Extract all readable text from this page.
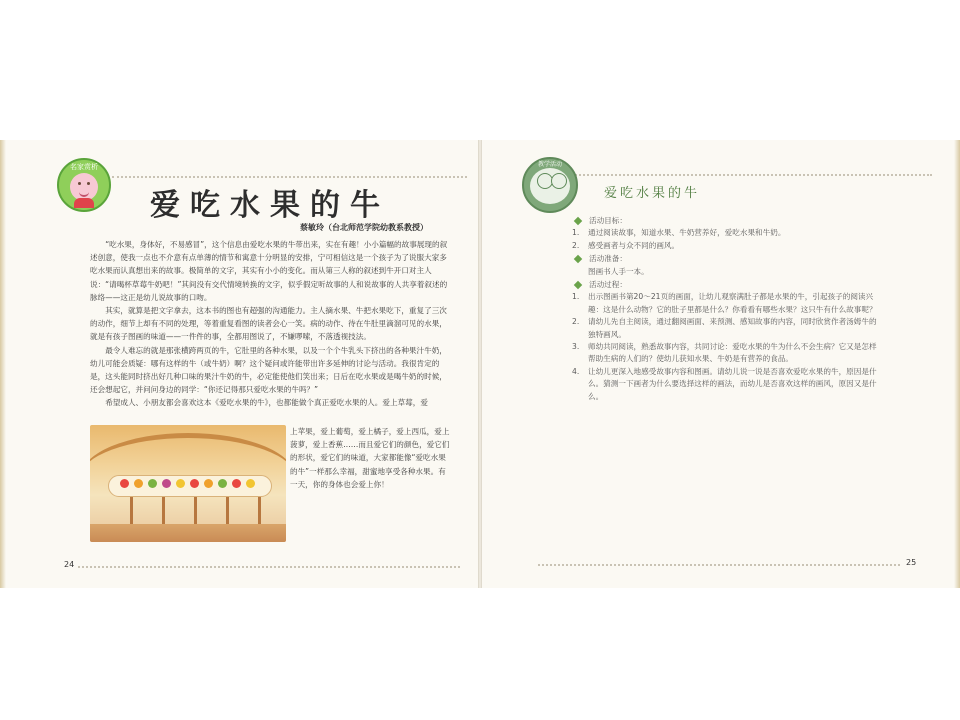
名家赏析
爱吃水果的牛
蔡敏玲（台北师范学院幼教系教授）

“吃水果，身体好，不易感冒”，这个信息由爱吃水果的牛带出来，实在有趣！小小篇幅的故事展现的叙述创意，使我一点也不介意有点单薄的情节和寓意十分明显的安排，宁可相信这是一个孩子为了说服大家多吃水果而认真想出来的故事。极简单的文字，其实有小小的变化。而从第三人称的叙述到牛开口对主人说：“请喝杯草莓牛奶吧！”其间没有交代情境转换的文字，似乎假定听故事的人和说故事的人共享着叙述的脉络——这正是幼儿说故事的口吻。

其实，就算是把文字拿去，这本书的图也有超强的沟通能力。主人摘水果、牛把水果吃下，重复了三次的动作，细节上却有不同的处理，等着重复看图的读者会心一笑。病的动作、待在牛肚里滴溜可见的水果，就是有孩子图画的味道——一件件的事，全都用图说了，不嫌啰嗦，不落透视技法。

最令人难忘的就是那张横跨两页的牛，它肚里的各种水果，以及一个个牛乳头下挤出的各种果汁牛奶，幼儿可能会质疑：哪有这样的牛（或牛奶）啊？这个疑问或许能带出许多延伸的讨论与活动。我很肯定的是，这头能同时挤出好几种口味的果汁牛奶的牛，必定能使他们笑出来；日后在吃水果或是喝牛奶的时候，还会想起它，并问问身边的同学：“你还记得那只爱吃水果的牛吗？”

希望成人、小朋友都会喜欢这本《爱吃水果的牛》，也都能做个真正爱吃水果的人。爱上草莓，爱

上苹果，爱上葡萄，爱上橘子，爱上西瓜，爱上菠萝，爱上香蕉……而且爱它们的颜色，爱它们的形状，爱它们的味道，大家都能像“爱吃水果的牛”一样那么幸福，甜蜜地享受各种水果。有一天，你的身体也会爱上你！
24	25
教学活动
爱吃水果的牛
活动目标：
1.	通过阅读故事，知道水果、牛奶营养好，爱吃水果和牛奶。
2.	感受画者与众不同的画风。
活动准备：
图画书人手一本。
活动过程：
1.	出示图画书第20～21页的画面，让幼儿观察满肚子都是水果的牛，引起孩子的阅读兴趣：这是什么动物？它的肚子里都是什么？你看看有哪些水果？这只牛有什么故事呢？
2.	请幼儿先自主阅读，通过翻阅画面、来预测、感知故事的内容，同时欣赏作者汤姆牛的独特画风。
3.	师幼共同阅读，熟悉故事内容，共同讨论：爱吃水果的牛为什么不会生病？它又是怎样帮助生病的人们的？使幼儿获知水果、牛奶是有营养的食品。
4.	让幼儿更深入地感受故事内容和图画。请幼儿说一说是否喜欢爱吃水果的牛，原因是什么。猜测一下画者为什么要选择这样的画法，而幼儿是否喜欢这样的画风，原因又是什么。
